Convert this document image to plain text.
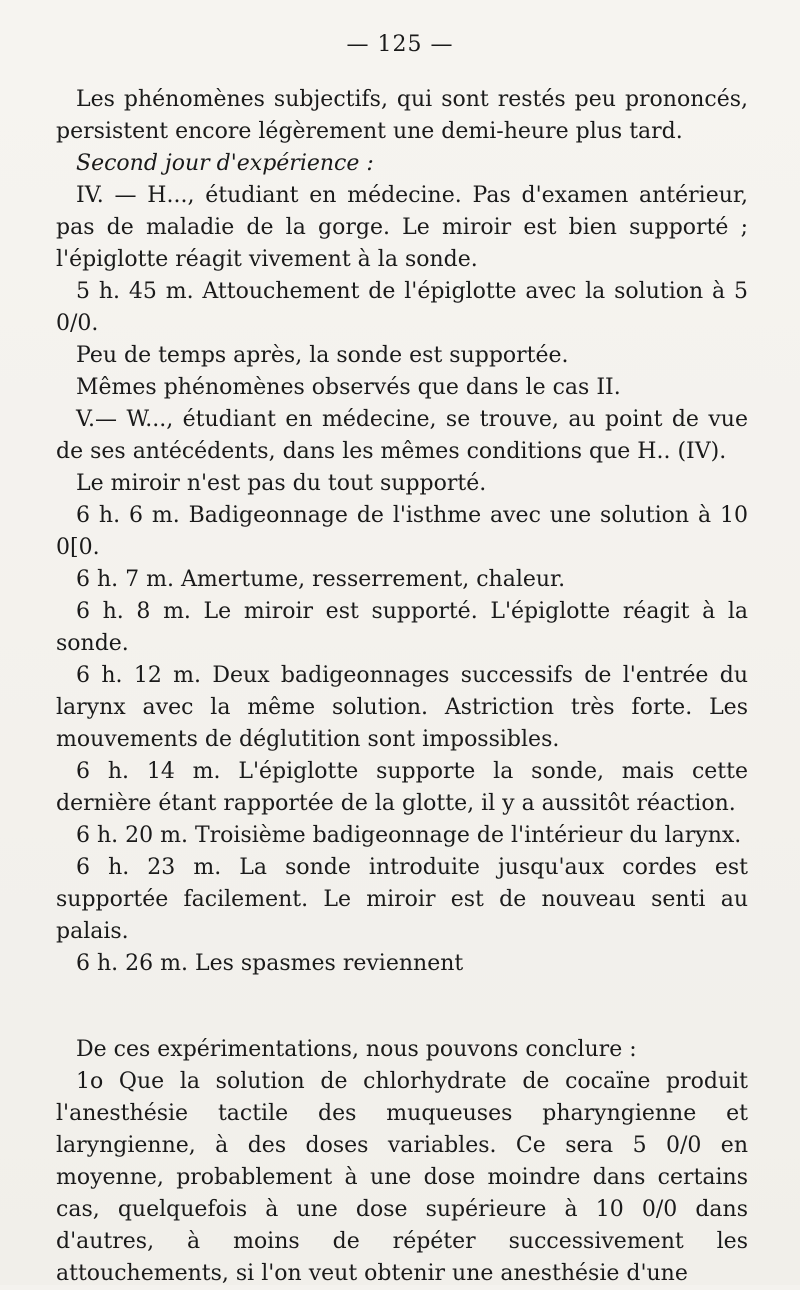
— 125 —

Les phénomènes subjectifs, qui sont restés peu prononcés, persistent encore légèrement une demi-heure plus tard.

Second jour d'expérience :

IV. — H..., étudiant en médecine. Pas d'examen antérieur, pas de maladie de la gorge. Le miroir est bien supporté ; l'épiglotte réagit vivement à la sonde.

5 h. 45 m. Attouchement de l'épiglotte avec la solution à 5 0/0.

Peu de temps après, la sonde est supportée.

Mêmes phénomènes observés que dans le cas II.

V.— W..., étudiant en médecine, se trouve, au point de vue de ses antécédents, dans les mêmes conditions que H.. (IV).

Le miroir n'est pas du tout supporté.

6 h. 6 m. Badigeonnage de l'isthme avec une solution à 10 0[0.

6 h. 7 m. Amertume, resserrement, chaleur.

6 h. 8 m. Le miroir est supporté. L'épiglotte réagit à la sonde.

6 h. 12 m. Deux badigeonnages successifs de l'entrée du larynx avec la même solution. Astriction très forte. Les mouvements de déglutition sont impossibles.

6 h. 14 m. L'épiglotte supporte la sonde, mais cette dernière étant rapportée de la glotte, il y a aussitôt réaction.

6 h. 20 m. Troisième badigeonnage de l'intérieur du larynx.

6 h. 23 m. La sonde introduite jusqu'aux cordes est supportée facilement. Le miroir est de nouveau senti au palais.

6 h. 26 m. Les spasmes reviennent

De ces expérimentations, nous pouvons conclure :

1o Que la solution de chlorhydrate de cocaïne produit l'anesthésie tactile des muqueuses pharyngienne et laryngienne, à des doses variables. Ce sera 5 0/0 en moyenne, probablement à une dose moindre dans certains cas, quelquefois à une dose supérieure à 10 0/0 dans d'autres, à moins de répéter successivement les attouchements, si l'on veut obtenir une anesthésie d'une
